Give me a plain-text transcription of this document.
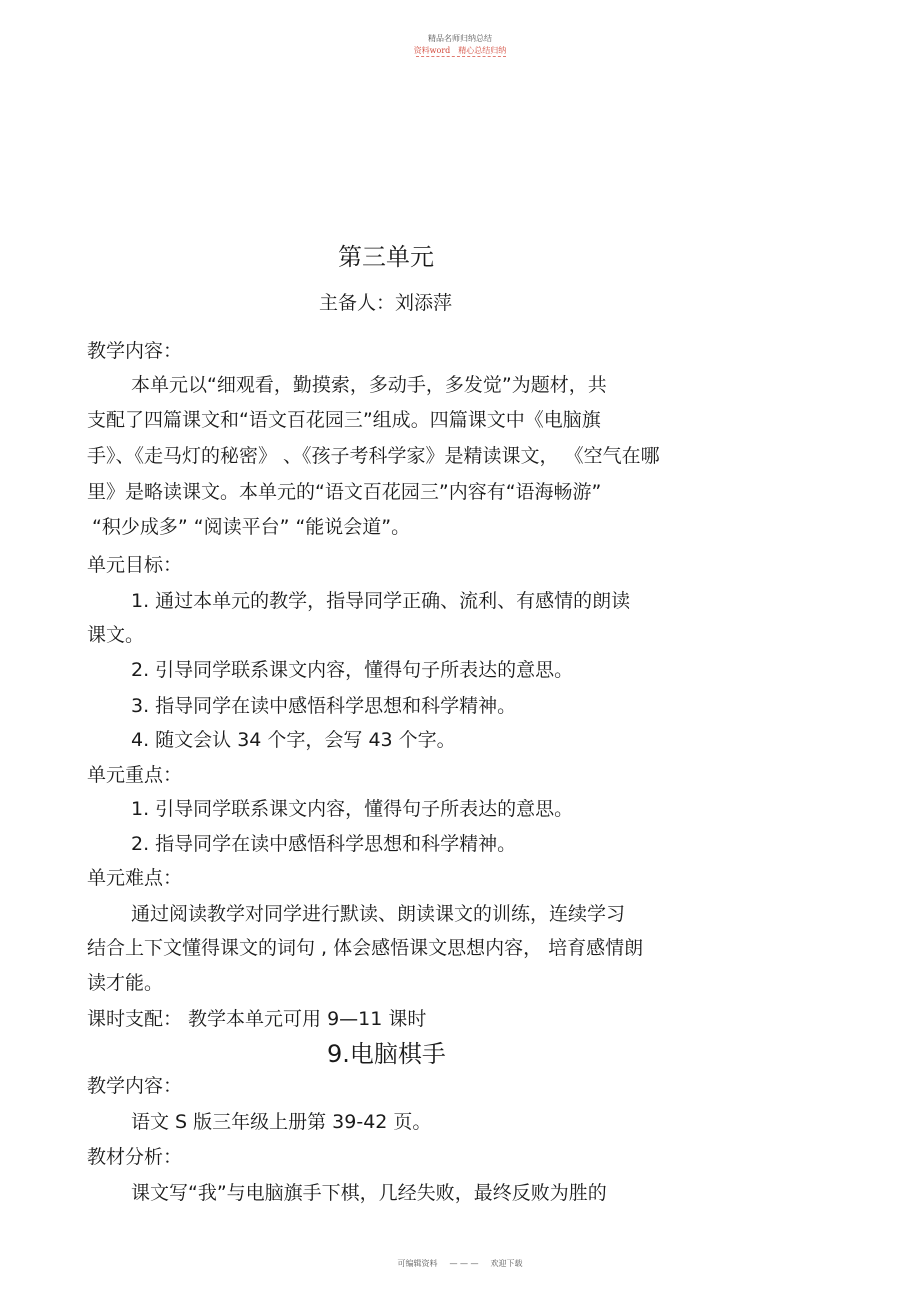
精品名师归纳总结
资料word 精心总结归纳
第三单元
主备人：刘添萍
教学内容：
本单元以“细观看，勤摸索，多动手，多发觉”为题材，共
支配了四篇课文和“语文百花园三”组成。四篇课文中《电脑旗
手》、《走马灯的秘密》 、《孩子考科学家》是精读课文， 《空气在哪
里》是略读课文。本单元的“语文百花园三”内容有“语海畅游”
“积少成多” “阅读平台” “能说会道”。
单元目标：
1. 通过本单元的教学，指导同学正确、流利、有感情的朗读
课文。
2. 引导同学联系课文内容，懂得句子所表达的意思。
3. 指导同学在读中感悟科学思想和科学精神。
4. 随文会认 34 个字，会写 43 个字。
单元重点：
1. 引导同学联系课文内容，懂得句子所表达的意思。
2. 指导同学在读中感悟科学思想和科学精神。
单元难点：
通过阅读教学对同学进行默读、朗读课文的训练，连续学习
结合上下文懂得课文的词句 , 体会感悟课文思想内容， 培育感情朗
读才能。
课时支配： 教学本单元可用 9—11 课时
9.电脑棋手
教学内容：
语文 S 版三年级上册第 39-42 页。
教材分析：
课文写“我”与电脑旗手下棋，几经失败，最终反败为胜的
可编辑资料 — — — 欢迎下载
